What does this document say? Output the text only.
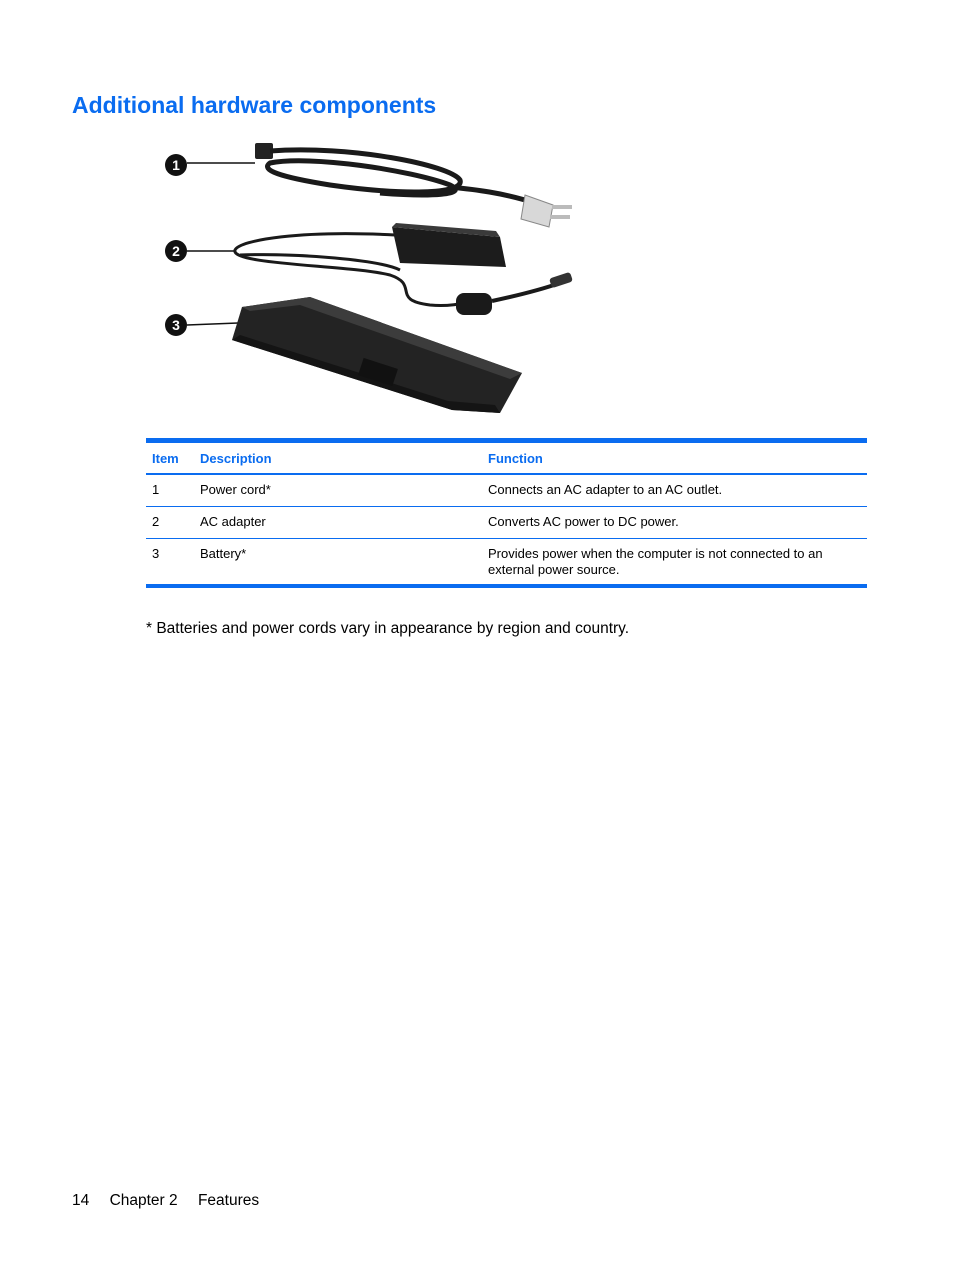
Additional hardware components
1
2
3
Item	Description	Function
1	Power cord*	Connects an AC adapter to an AC outlet.
2	AC adapter	Converts AC power to DC power.
3	Battery*	Provides power when the computer is not connected to an external power source.

* Batteries and power cords vary in appearance by region and country.

14 Chapter 2 Features
